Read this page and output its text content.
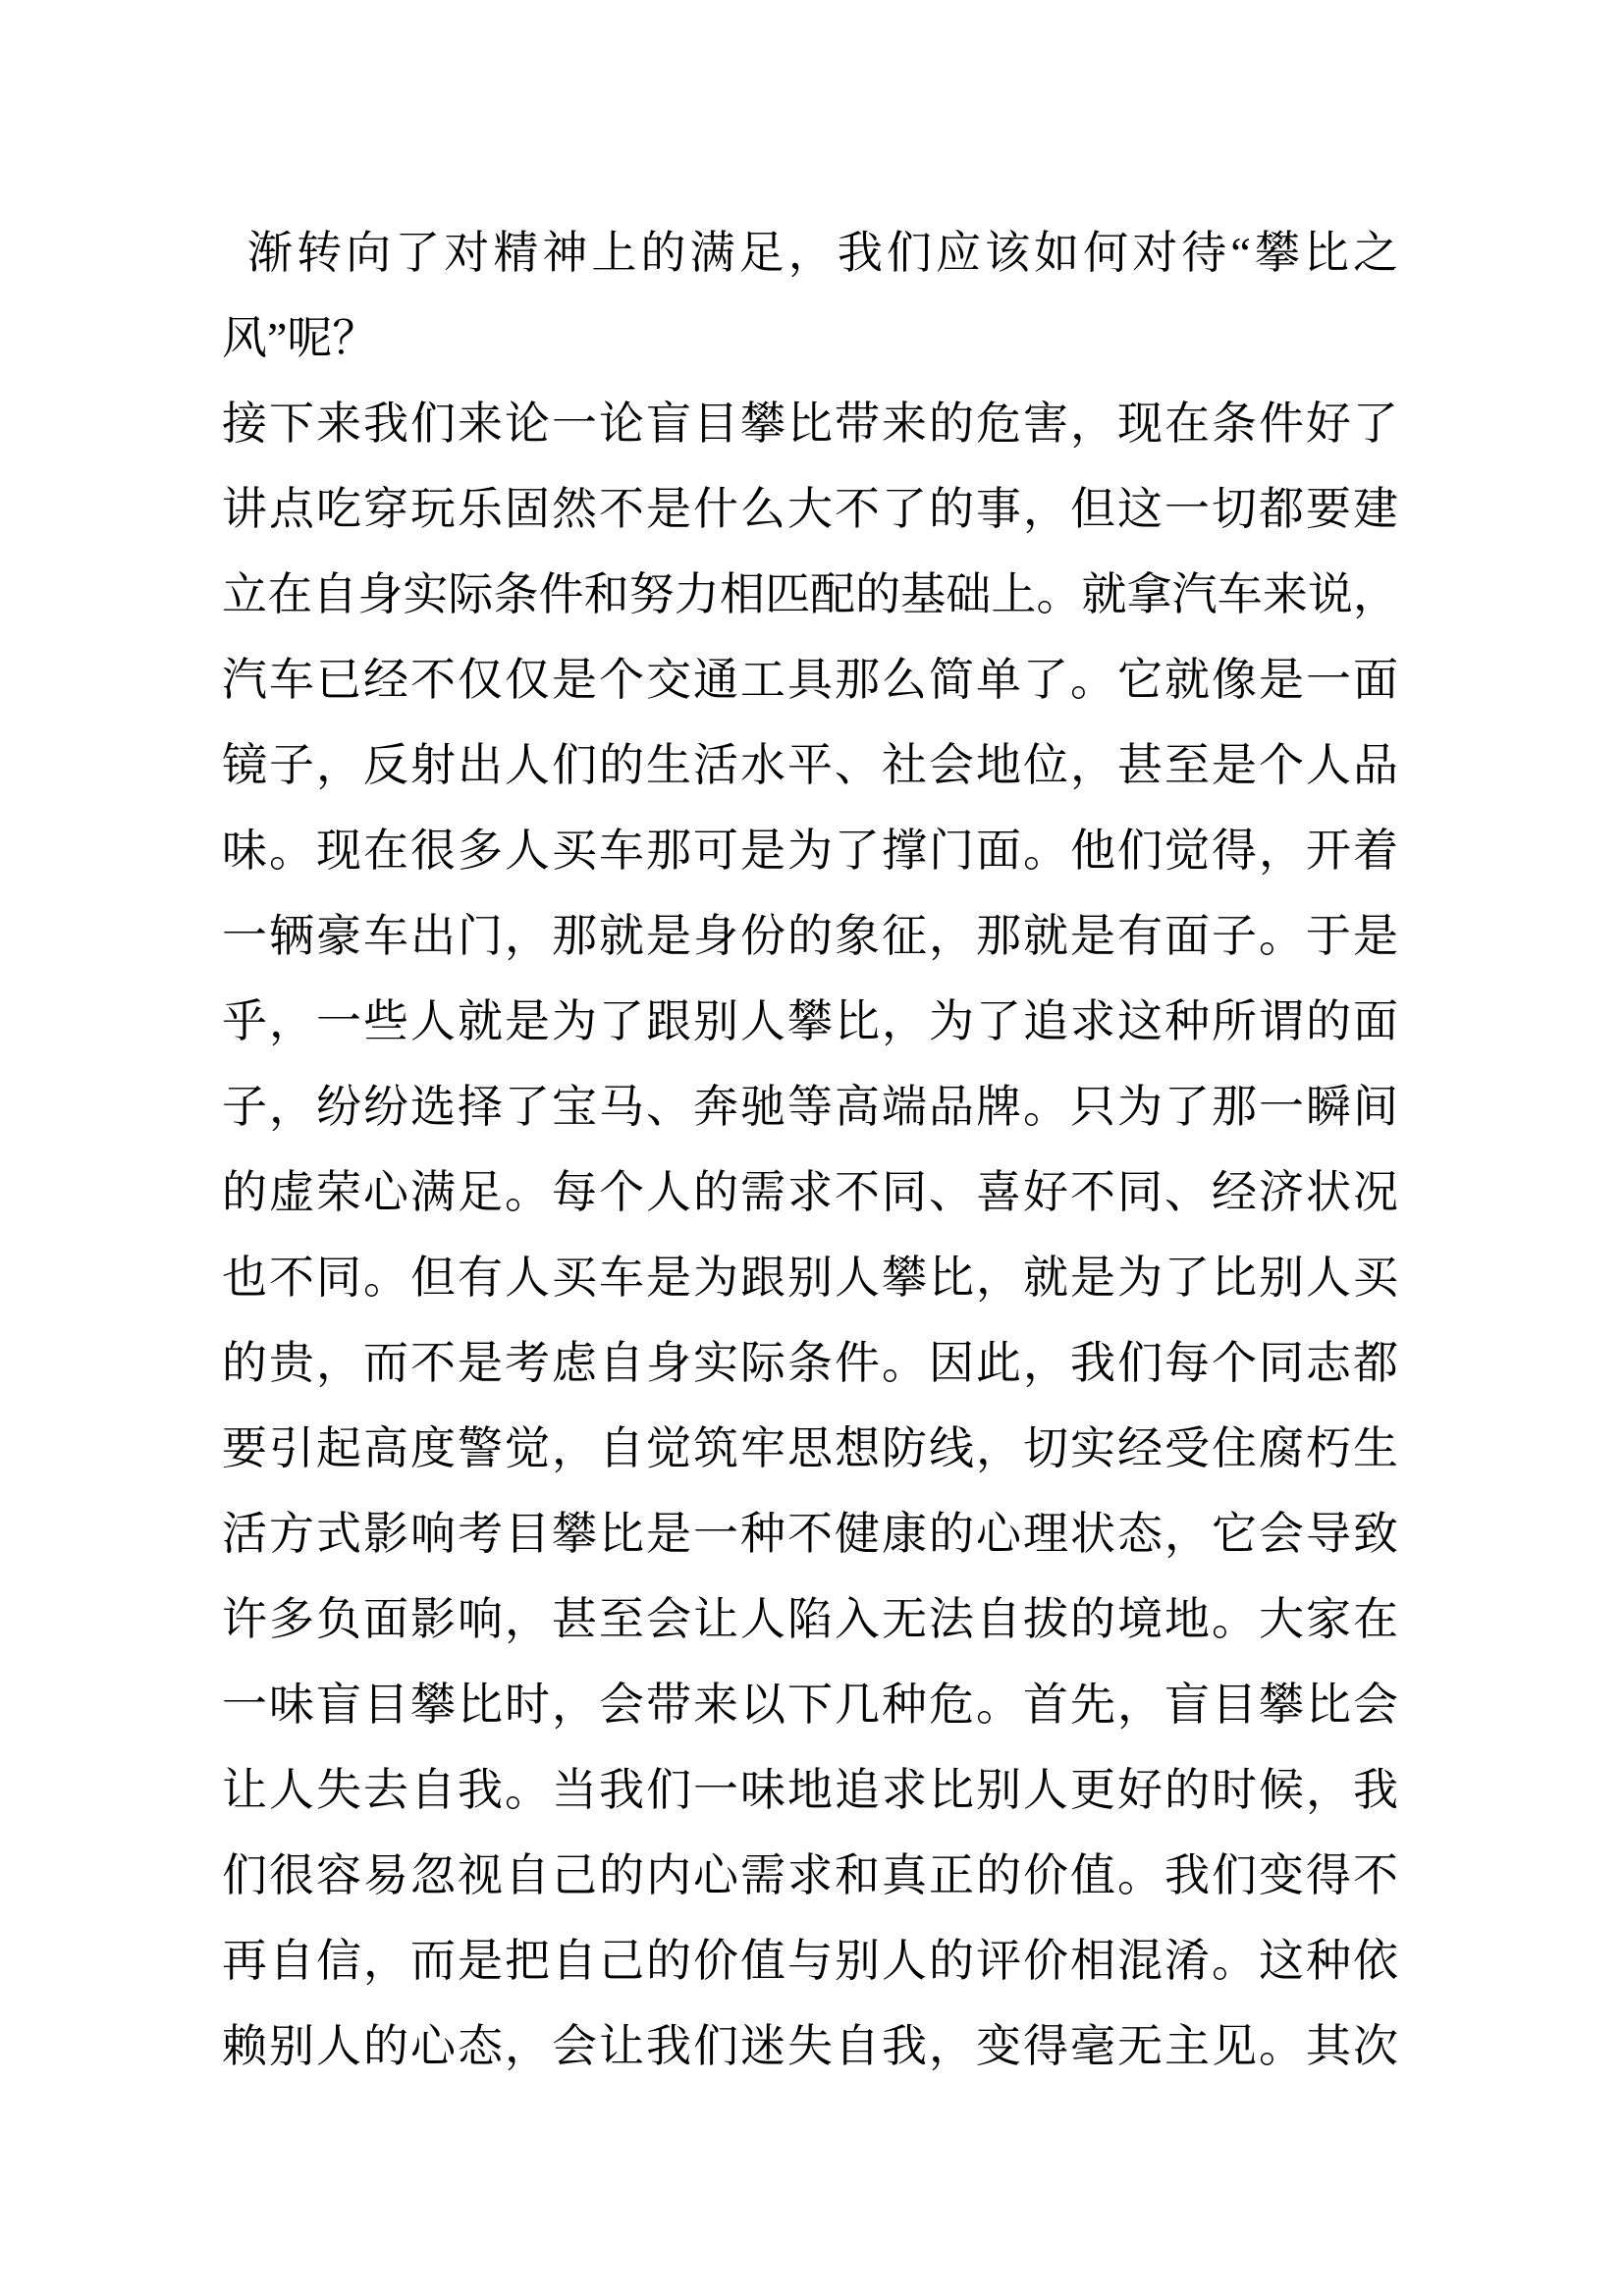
渐转向了对精神上的满足，我们应该如何对待“攀比之
风”呢？
接下来我们来论一论盲目攀比带来的危害，现在条件好了
讲点吃穿玩乐固然不是什么大不了的事，但这一切都要建
立在自身实际条件和努力相匹配的基础上。就拿汽车来说，
汽车已经不仅仅是个交通工具那么简单了。它就像是一面
镜子，反射出人们的生活水平、社会地位，甚至是个人品
味。现在很多人买车那可是为了撑门面。他们觉得，开着
一辆豪车出门，那就是身份的象征，那就是有面子。于是
乎，一些人就是为了跟别人攀比，为了追求这种所谓的面
子，纷纷选择了宝马、奔驰等高端品牌。只为了那一瞬间
的虚荣心满足。每个人的需求不同、喜好不同、经济状况
也不同。但有人买车是为跟别人攀比，就是为了比别人买
的贵，而不是考虑自身实际条件。因此，我们每个同志都
要引起高度警觉，自觉筑牢思想防线，切实经受住腐朽生
活方式影响考目攀比是一种不健康的心理状态，它会导致
许多负面影响，甚至会让人陷入无法自拔的境地。大家在
一味盲目攀比时，会带来以下几种危。首先，盲目攀比会
让人失去自我。当我们一味地追求比别人更好的时候，我
们很容易忽视自己的内心需求和真正的价值。我们变得不
再自信，而是把自己的价值与别人的评价相混淆。这种依
赖别人的心态，会让我们迷失自我，变得毫无主见。其次
